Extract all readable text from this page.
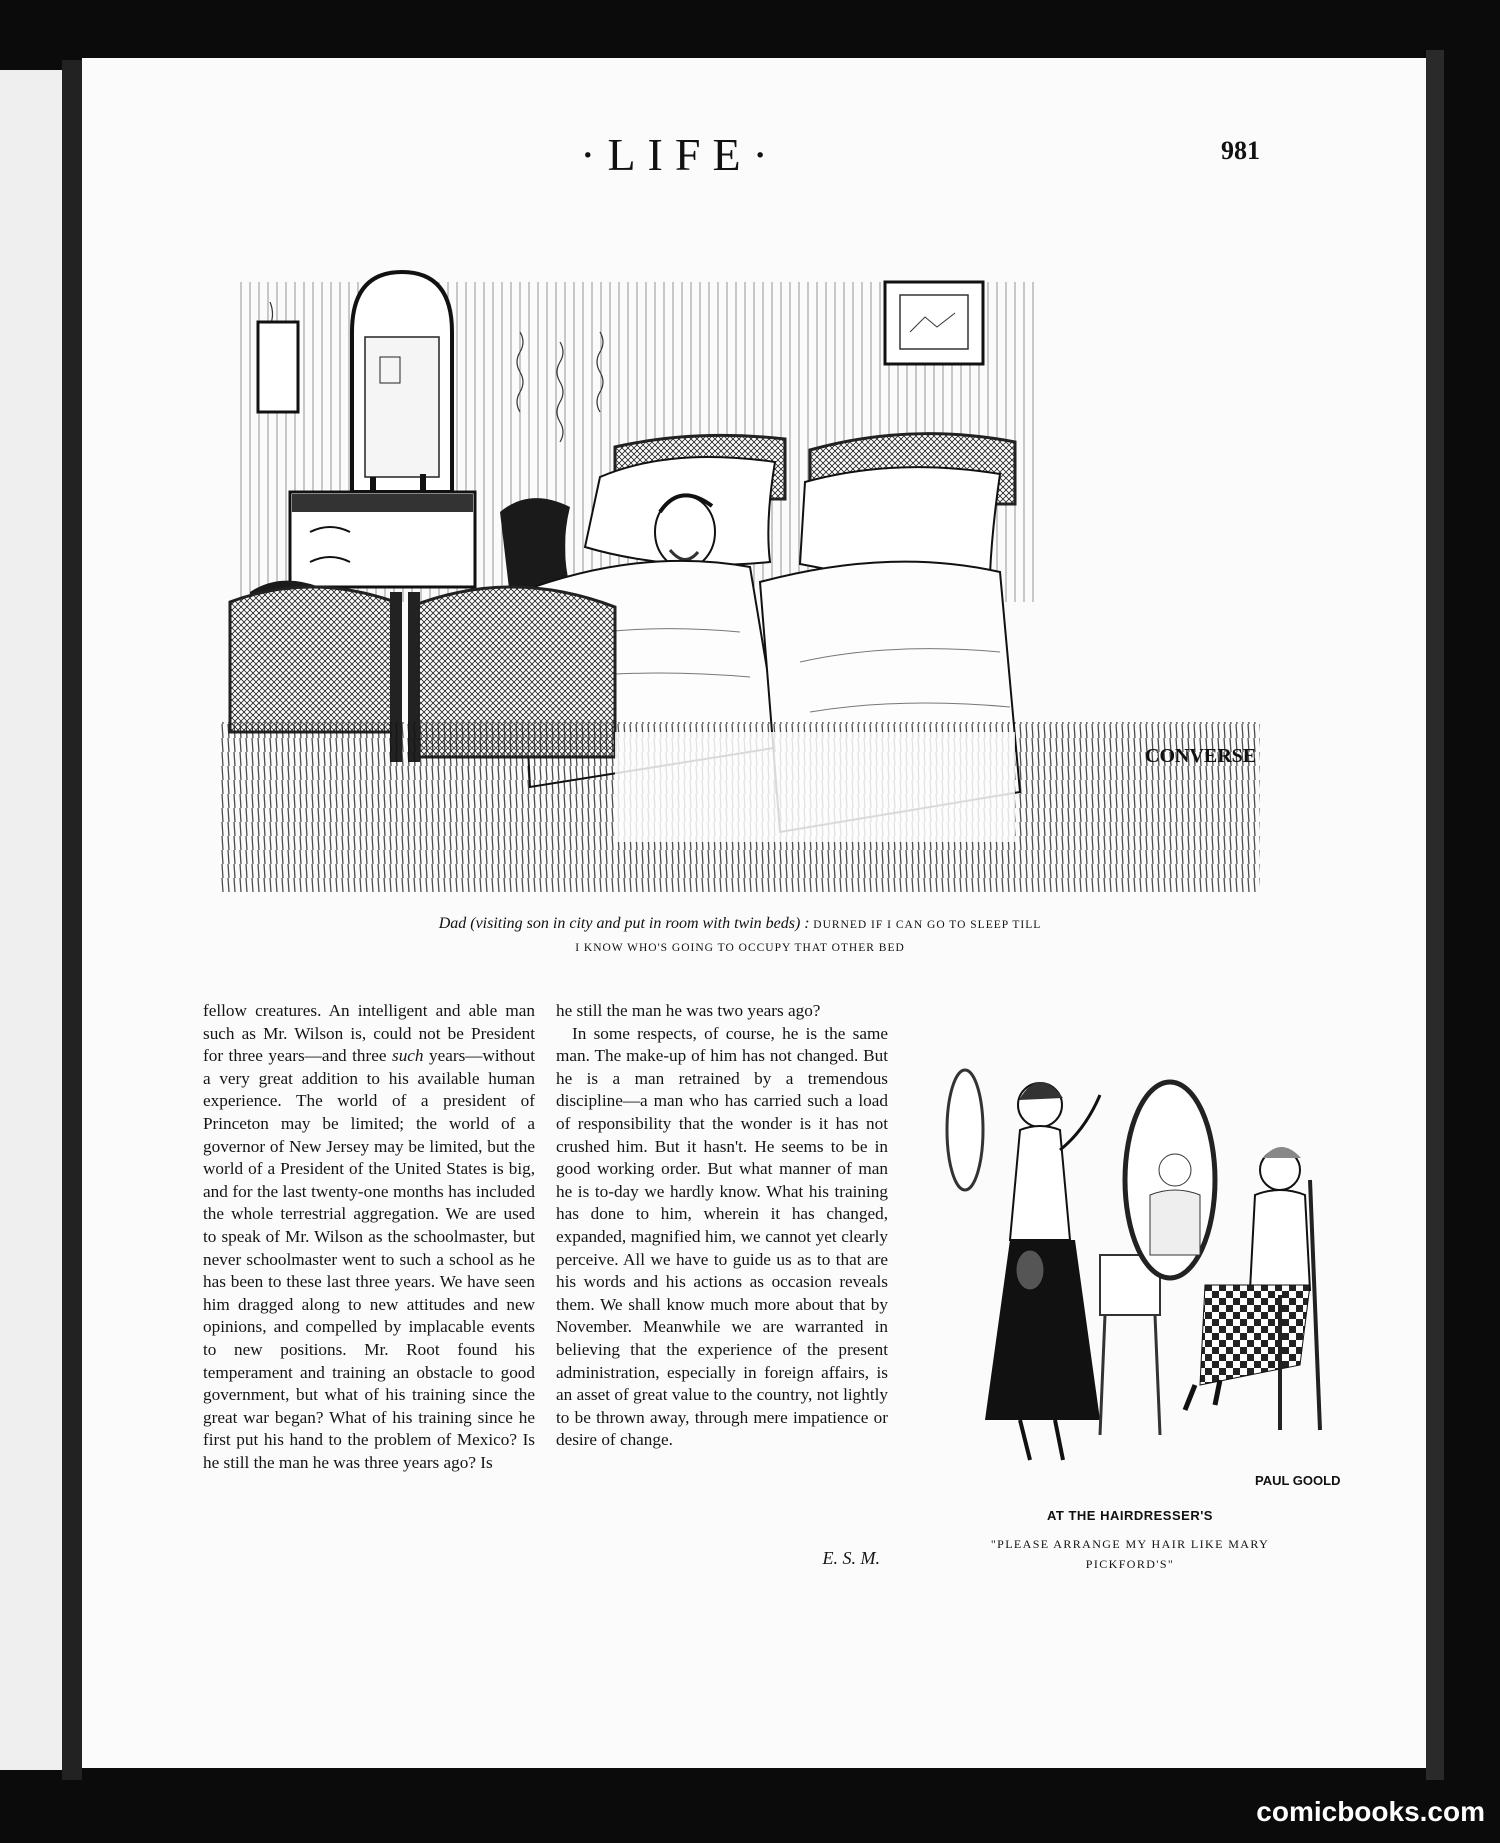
·LIFE·	981
CONVERSE
Dad (visiting son in city and put in room with twin beds) : DURNED IF I CAN GO TO SLEEP TILL
I KNOW WHO'S GOING TO OCCUPY THAT OTHER BED

fellow creatures. An intelligent and able man such as Mr. Wilson is, could not be President for three years—and three such years—without a very great addition to his available human experience. The world of a president of Princeton may be limited; the world of a governor of New Jersey may be limited, but the world of a President of the United States is big, and for the last twenty-one months has included the whole terrestrial aggregation. We are used to speak of Mr. Wilson as the schoolmaster, but never schoolmaster went to such a school as he has been to these last three years. We have seen him dragged along to new attitudes and new opinions, and compelled by implacable events to new positions. Mr. Root found his temperament and training an obstacle to good government, but what of his training since the great war began? What of his training since he first put his hand to the problem of Mexico? Is he still the man he was three years ago? Is

he still the man he was two years ago?

In some respects, of course, he is the same man. The make-up of him has not changed. But he is a man retrained by a tremendous discipline—a man who has carried such a load of responsibility that the wonder is it has not crushed him. But it hasn't. He seems to be in good working order. But what manner of man he is to-day we hardly know. What his training has done to him, wherein it has changed, expanded, magnified him, we cannot yet clearly perceive. All we have to guide us as to that are his words and his actions as occasion reveals them. We shall know much more about that by November. Meanwhile we are warranted in believing that the experience of the present administration, especially in foreign affairs, is an asset of great value to the country, not lightly to be thrown away, through mere impatience or desire of change.

E. S. M.
PAUL GOOLD
AT THE HAIRDRESSER'S
"PLEASE ARRANGE MY HAIR LIKE MARY
PICKFORD'S"
comicbooks.com
